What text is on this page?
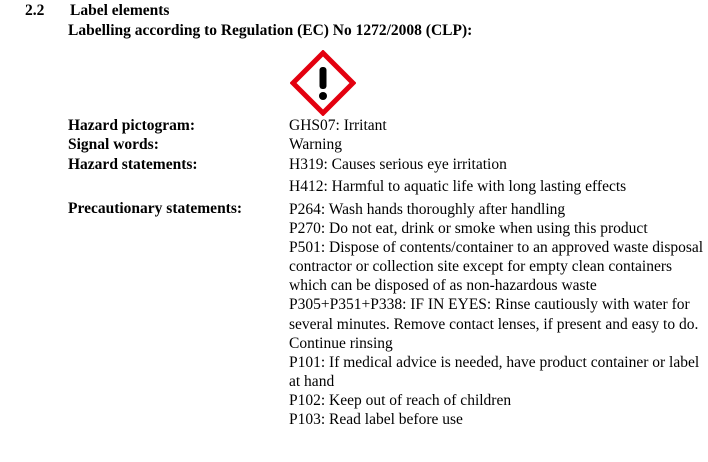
2.2 Label elements
Labelling according to Regulation (EC) No 1272/2008 (CLP):
Hazard pictogram:	GHS07: Irritant
Signal words:	Warning
Hazard statements:	H319: Causes serious eye irritation
H412: Harmful to aquatic life with long lasting effects
Precautionary statements:	P264: Wash hands thoroughly after handling
P270: Do not eat, drink or smoke when using this product
P501: Dispose of contents/container to an approved waste disposal contractor or collection site except for empty clean containers which can be disposed of as non-hazardous waste
P305+P351+P338: IF IN EYES: Rinse cautiously with water for several minutes. Remove contact lenses, if present and easy to do. Continue rinsing
P101: If medical advice is needed, have product container or label at hand
P102: Keep out of reach of children
P103: Read label before use
